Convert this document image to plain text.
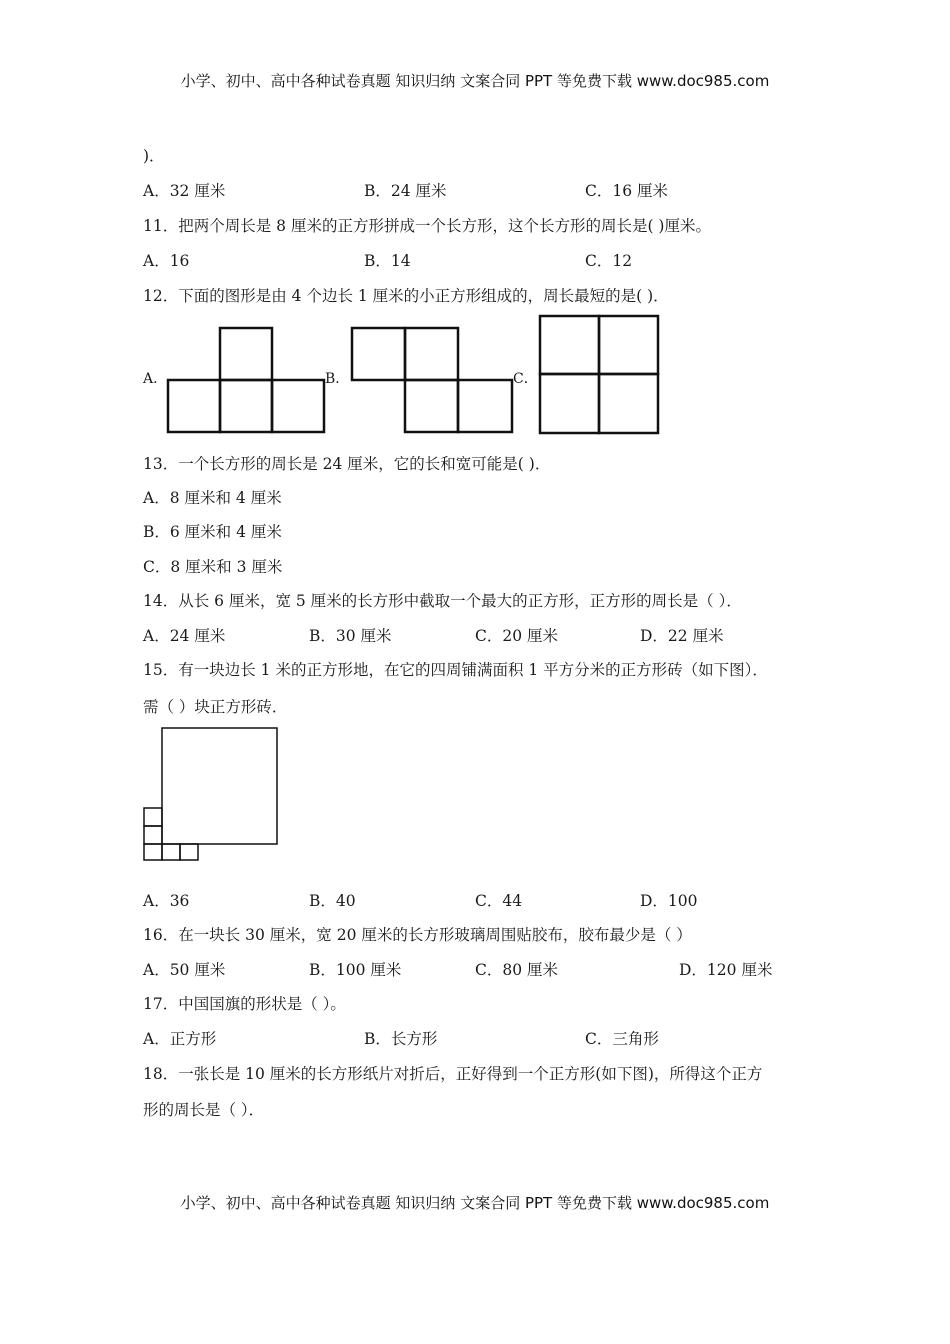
小学、初中、高中各种试卷真题 知识归纳 文案合同 PPT 等免费下载 www.doc985.com
)．
A．32 厘米	B．24 厘米	C．16 厘米
11．把两个周长是 8 厘米的正方形拼成一个长方形，这个长方形的周长是( )厘米。
A．16	B．14	C．12
12．下面的图形是由 4 个边长 1 厘米的小正方形组成的，周长最短的是( )．
A．	B．	C．
13．一个长方形的周长是 24 厘米，它的长和宽可能是( )．
A．8 厘米和 4 厘米
B．6 厘米和 4 厘米
C．8 厘米和 3 厘米
14．从长 6 厘米，宽 5 厘米的长方形中截取一个最大的正方形，正方形的周长是（ ）．
A．24 厘米	B．30 厘米	C．20 厘米	D．22 厘米
15．有一块边长 1 米的正方形地，在它的四周铺满面积 1 平方分米的正方形砖（如下图）．
需（ ）块正方形砖．
A．36	B．40	C．44	D．100
16．在一块长 30 厘米，宽 20 厘米的长方形玻璃周围贴胶布，胶布最少是（ ）
A．50 厘米	B．100 厘米	C．80 厘米	D．120 厘米
17．中国国旗的形状是（ ）。
A．正方形	B．长方形	C．三角形
18．一张长是 10 厘米的长方形纸片对折后，正好得到一个正方形(如下图)，所得这个正方
形的周长是（ ）．
小学、初中、高中各种试卷真题 知识归纳 文案合同 PPT 等免费下载 www.doc985.com
